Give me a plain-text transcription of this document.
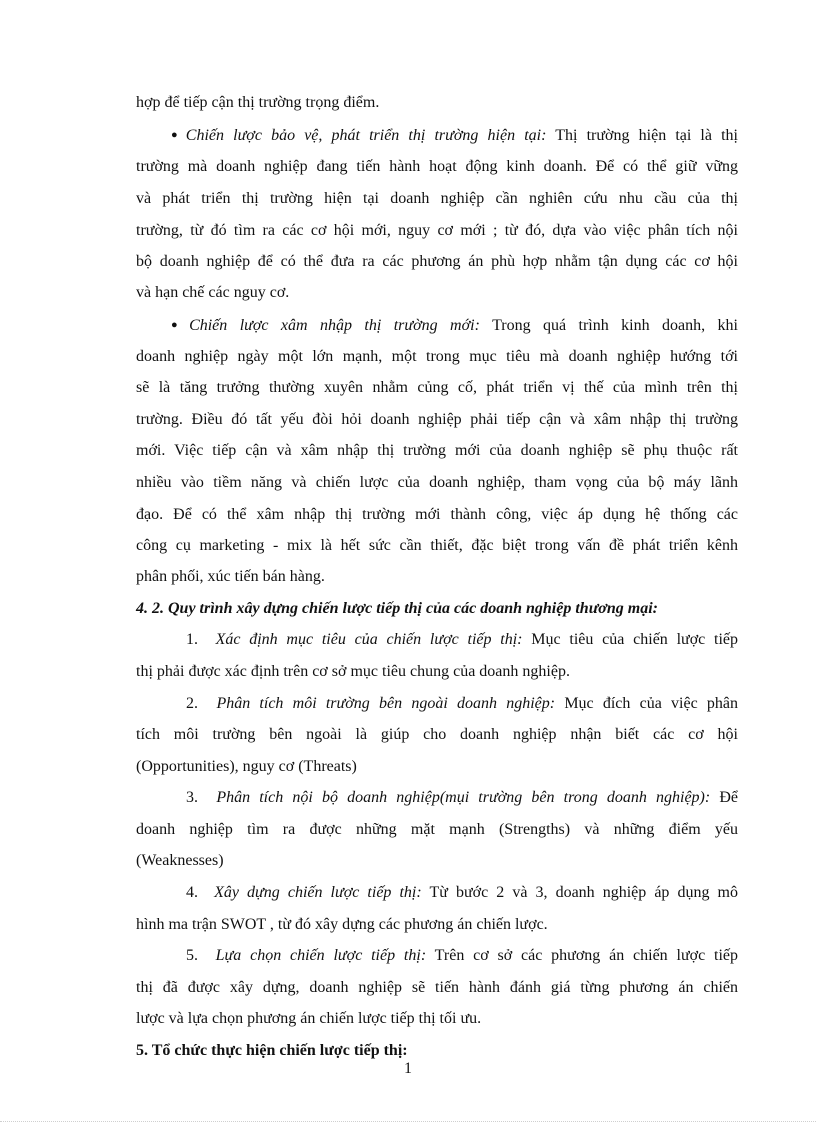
hợp để tiếp cận thị trường trọng điểm.
● Chiến lược bảo vệ, phát triển thị trường hiện tại: Thị trường hiện tại là thị
trường mà doanh nghiệp đang tiến hành hoạt động kinh doanh. Để có thể giữ vững
và phát triển thị trường hiện tại doanh nghiệp cần nghiên cứu nhu cầu của thị
trường, từ đó tìm ra các cơ hội mới, nguy cơ mới ; từ đó, dựa vào việc phân tích nội
bộ doanh nghiệp để có thể đưa ra các phương án phù hợp nhằm tận dụng các cơ hội
và hạn chế các nguy cơ.
● Chiến lược xâm nhập thị trường mới: Trong quá trình kinh doanh, khi
doanh nghiệp ngày một lớn mạnh, một trong mục tiêu mà doanh nghiệp hướng tới
sẽ là tăng trưởng thường xuyên nhằm củng cố, phát triển vị thế của mình trên thị
trường. Điều đó tất yếu đòi hỏi doanh nghiệp phải tiếp cận và xâm nhập thị trường
mới. Việc tiếp cận và xâm nhập thị trường mới của doanh nghiệp sẽ phụ thuộc rất
nhiều vào tiềm năng và chiến lược của doanh nghiệp, tham vọng của bộ máy lãnh
đạo. Để có thể xâm nhập thị trường mới thành công, việc áp dụng hệ thống các
công cụ marketing - mix là hết sức cần thiết, đặc biệt trong vấn đề phát triển kênh
phân phối, xúc tiến bán hàng.
4. 2. Quy trình xây dựng chiến lược tiếp thị của các doanh nghiệp thương mại:
1. Xác định mục tiêu của chiến lược tiếp thị: Mục tiêu của chiến lược tiếp
thị phải được xác định trên cơ sở mục tiêu chung của doanh nghiệp.
2. Phân tích môi trường bên ngoài doanh nghiệp: Mục đích của việc phân
tích môi trường bên ngoài là giúp cho doanh nghiệp nhận biết các cơ hội
(Opportunities), nguy cơ (Threats)
3. Phân tích nội bộ doanh nghiệp(mụi trường bên trong doanh nghiệp): Để
doanh nghiệp tìm ra được những mặt mạnh (Strengths) và những điểm yếu
(Weaknesses)
4. Xây dựng chiến lược tiếp thị: Từ bước 2 và 3, doanh nghiệp áp dụng mô
hình ma trận SWOT , từ đó xây dựng các phương án chiến lược.
5. Lựa chọn chiến lược tiếp thị: Trên cơ sở các phương án chiến lược tiếp
thị đã được xây dựng, doanh nghiệp sẽ tiến hành đánh giá từng phương án chiến
lược và lựa chọn phương án chiến lược tiếp thị tối ưu.
5. Tổ chức thực hiện chiến lược tiếp thị:
1
